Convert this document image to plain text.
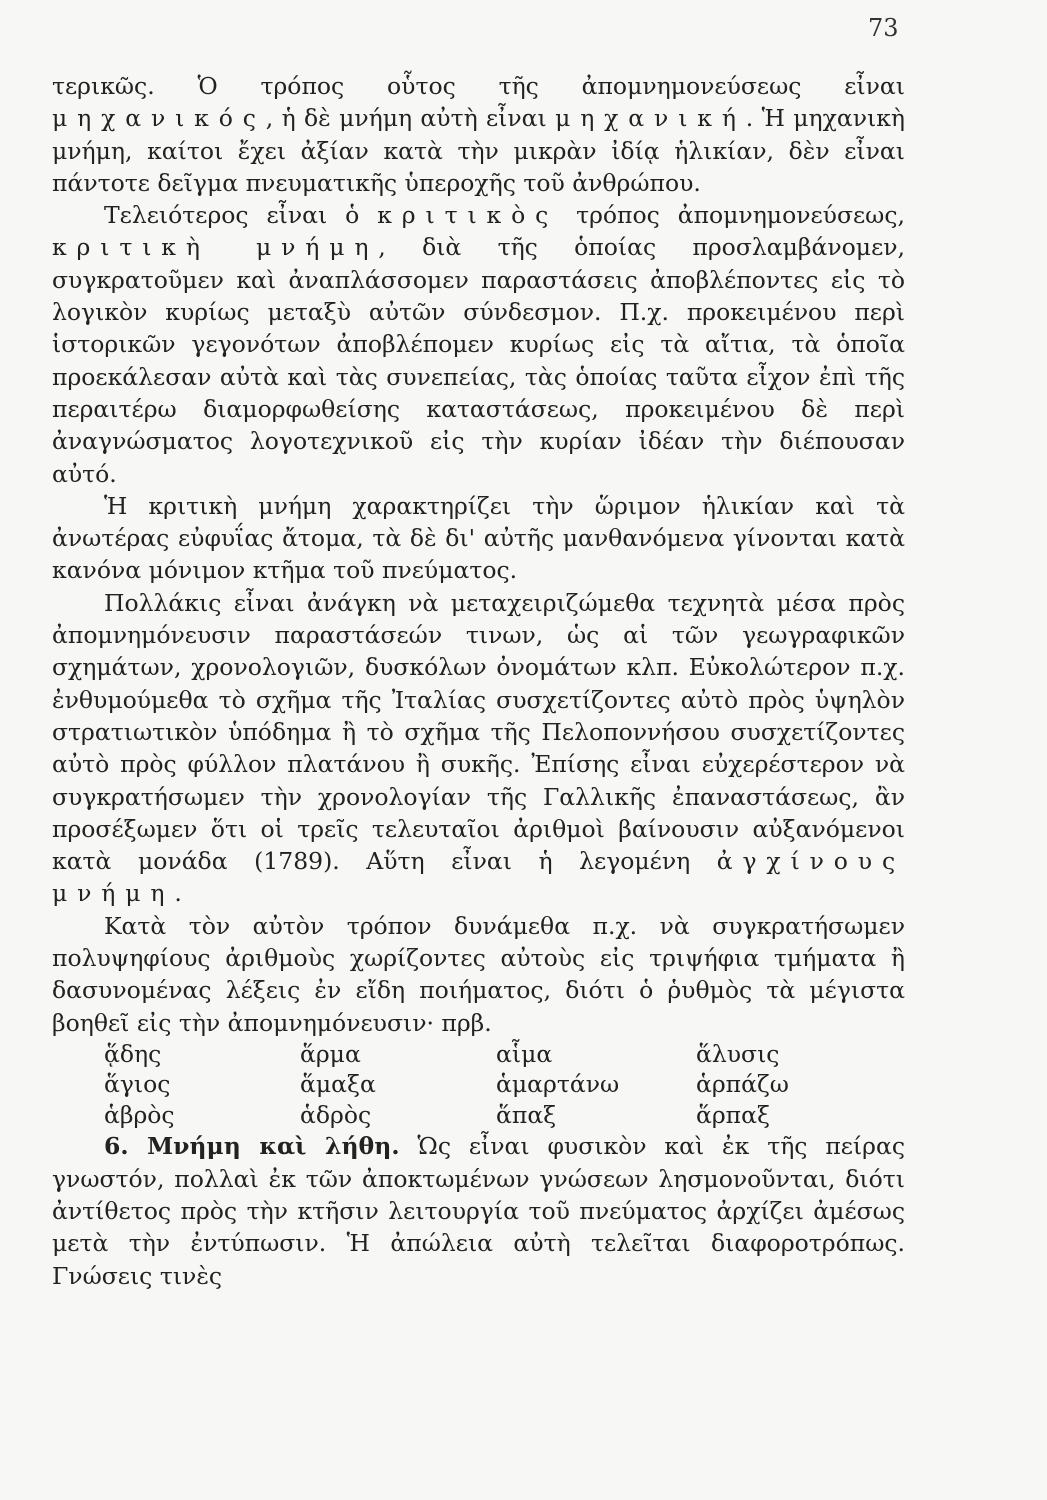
73

τερικῶς. Ὁ τρόπος οὗτος τῆς ἀπομνημονεύσεως εἶναι μηχανικός, ἡ δὲ μνήμη αὐτὴ εἶναι μηχανική. Ἡ μηχανικὴ μνήμη, καίτοι ἔχει ἀξίαν κατὰ τὴν μικρὰν ἰδίᾳ ἡλικίαν, δὲν εἶναι πάντοτε δεῖγμα πνευματικῆς ὑπεροχῆς τοῦ ἀνθρώπου.

Τελειότερος εἶναι ὁ κριτικὸς τρόπος ἀπομνημονεύσεως, κριτικὴ μνήμη, διὰ τῆς ὁποίας προσλαμβάνομεν, συγκρατοῦμεν καὶ ἀναπλάσσομεν παραστάσεις ἀποβλέποντες εἰς τὸ λογικὸν κυρίως μεταξὺ αὐτῶν σύνδεσμον. Π.χ. προκειμένου περὶ ἱστορικῶν γεγονότων ἀποβλέπομεν κυρίως εἰς τὰ αἴτια, τὰ ὁποῖα προεκάλεσαν αὐτὰ καὶ τὰς συνεπείας, τὰς ὁποίας ταῦτα εἶχον ἐπὶ τῆς περαιτέρω διαμορφωθείσης καταστάσεως, προκειμένου δὲ περὶ ἀναγνώσματος λογοτεχνικοῦ εἰς τὴν κυρίαν ἰδέαν τὴν διέπουσαν αὐτό.

Ἡ κριτικὴ μνήμη χαρακτηρίζει τὴν ὥριμον ἡλικίαν καὶ τὰ ἀνωτέρας εὐφυΐας ἄτομα, τὰ δὲ δι' αὐτῆς μανθανόμενα γίνονται κατὰ κανόνα μόνιμον κτῆμα τοῦ πνεύματος.

Πολλάκις εἶναι ἀνάγκη νὰ μεταχειριζώμεθα τεχνητὰ μέσα πρὸς ἀπομνημόνευσιν παραστάσεών τινων, ὡς αἱ τῶν γεωγραφικῶν σχημάτων, χρονολογιῶν, δυσκόλων ὀνομάτων κλπ. Εὐκολώτερον π.χ. ἐνθυμούμεθα τὸ σχῆμα τῆς Ἰταλίας συσχετίζοντες αὐτὸ πρὸς ὑψηλὸν στρατιωτικὸν ὑπόδημα ἢ τὸ σχῆμα τῆς Πελοποννήσου συσχετίζοντες αὐτὸ πρὸς φύλλον πλατάνου ἢ συκῆς. Ἐπίσης εἶναι εὐχερέστερον νὰ συγκρατήσωμεν τὴν χρονολογίαν τῆς Γαλλικῆς ἐπαναστάσεως, ἂν προσέξωμεν ὅτι οἱ τρεῖς τελευταῖοι ἀριθμοὶ βαίνουσιν αὐξανόμενοι κατὰ μονάδα (1789). Αὕτη εἶναι ἡ λεγομένη ἀγχίνους μνήμη.

Κατὰ τὸν αὐτὸν τρόπον δυνάμεθα π.χ. νὰ συγκρατήσωμεν πολυψηφίους ἀριθμοὺς χωρίζοντες αὐτοὺς εἰς τριψήφια τμήματα ἢ δασυνομένας λέξεις ἐν εἴδη ποιήματος, διότι ὁ ῥυθμὸς τὰ μέγιστα βοηθεῖ εἰς τὴν ἀπομνημόνευσιν· πρβ.

ᾅδης	ἅρμα	αἷμα	ἅλυσις
ἅγιος	ἅμαξα	ἁμαρτάνω	ἁρπάζω
ἁβρὸς	ἁδρὸς	ἅπαξ	ἅρπαξ

6. Μνήμη καὶ λήθη. Ὡς εἶναι φυσικὸν καὶ ἐκ τῆς πείρας γνωστόν, πολλαὶ ἐκ τῶν ἀποκτωμένων γνώσεων λησμονοῦνται, διότι ἀντίθετος πρὸς τὴν κτῆσιν λειτουργία τοῦ πνεύματος ἀρχίζει ἀμέσως μετὰ τὴν ἐντύπωσιν. Ἡ ἀπώλεια αὐτὴ τελεῖται διαφοροτρόπως. Γνώσεις τινὲς
